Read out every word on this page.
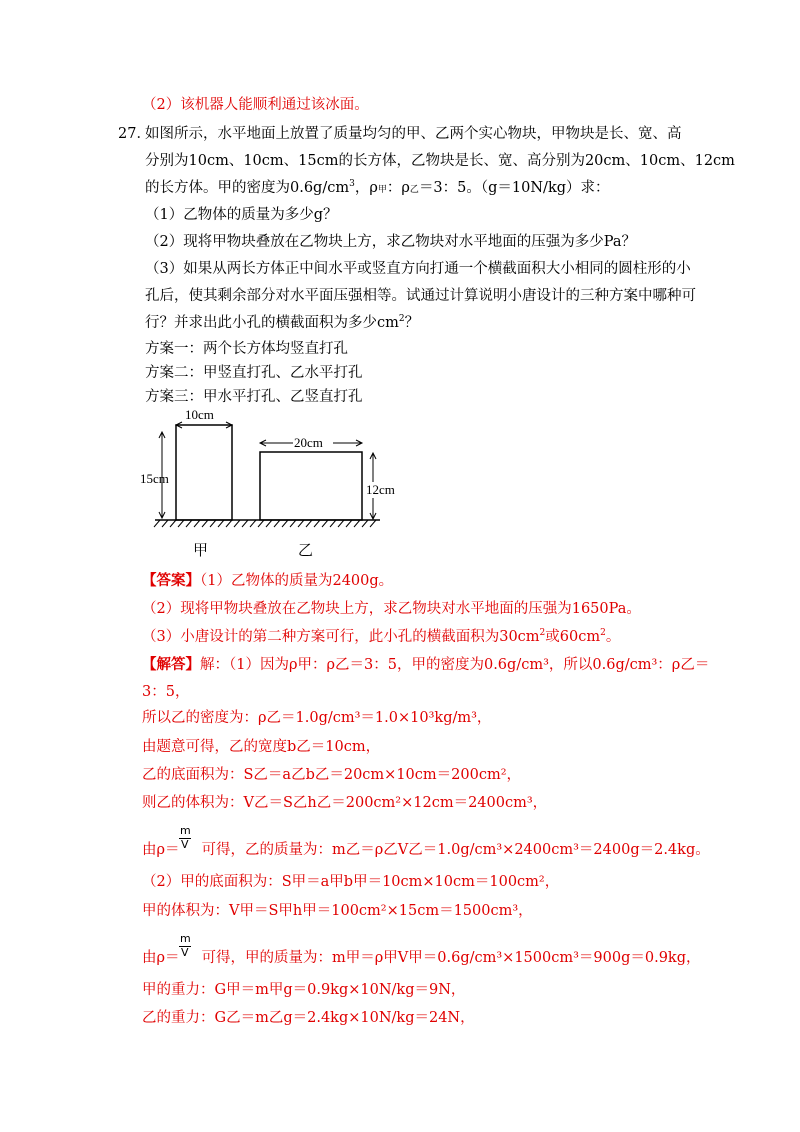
（2）该机器人能顺利通过该冰面。
27．
如图所示，水平地面上放置了质量均匀的甲、乙两个实心物块，甲物块是长、宽、高
分别为10cm、10cm、15cm的长方体，乙物块是长、宽、高分别为20cm、10cm、12cm
的长方体。甲的密度为$0.6g/cm^3$，ρ甲：ρ乙＝3：5。（g＝10N/kg）求：
（1）乙物体的质量为多少g？
（2）现将甲物块叠放在乙物块上方，求乙物块对水平地面的压强为多少Pa？
（3）如果从两长方体正中间水平或竖直方向打通一个横截面积大小相同的圆柱形的小
孔后，使其剩余部分对水平面压强相等。试通过计算说明小唐设计的三种方案中哪种可
行？并求出此小孔的横截面积为多少$cm^2$？
方案一：两个长方体均竖直打孔
方案二：甲竖直打孔、乙水平打孔
方案三：甲水平打孔、乙竖直打孔
10cm
15cm
20cm
12cm
甲	乙
【答案】（1）乙物体的质量为2400g。
（2）现将甲物块叠放在乙物块上方，求乙物块对水平地面的压强为1650Pa。
（3）小唐设计的第二种方案可行，此小孔的横截面积为$30cm^2$或$60cm^2$。
【解答】解：（1）因为ρ甲：ρ乙＝3：5，甲的密度为0.6g/cm³，所以0.6g/cm³：ρ乙＝
3：5，
所以乙的密度为：ρ乙＝1.0g/cm³＝1.0×10³kg/m³，
由题意可得，乙的宽度b乙＝10cm，
乙的底面积为：S乙＝a乙b乙＝20cm×10cm＝200cm²，
则乙的体积为：V乙＝S乙h乙＝200cm²×12cm＝2400cm³，
由ρ＝ 可得，乙的质量为：m乙＝ρ乙V乙＝1.0g/cm³×2400cm³＝2400g＝2.4kg。
m
V
（2）甲的底面积为：S甲＝a甲b甲＝10cm×10cm＝100cm²，
甲的体积为：V甲＝S甲h甲＝100cm²×15cm＝1500cm³，
由ρ＝ 可得，甲的质量为：m甲＝ρ甲V甲＝0.6g/cm³×1500cm³＝900g＝0.9kg，
m
V
甲的重力：G甲＝m甲g＝0.9kg×10N/kg＝9N，
乙的重力：G乙＝m乙g＝2.4kg×10N/kg＝24N，
